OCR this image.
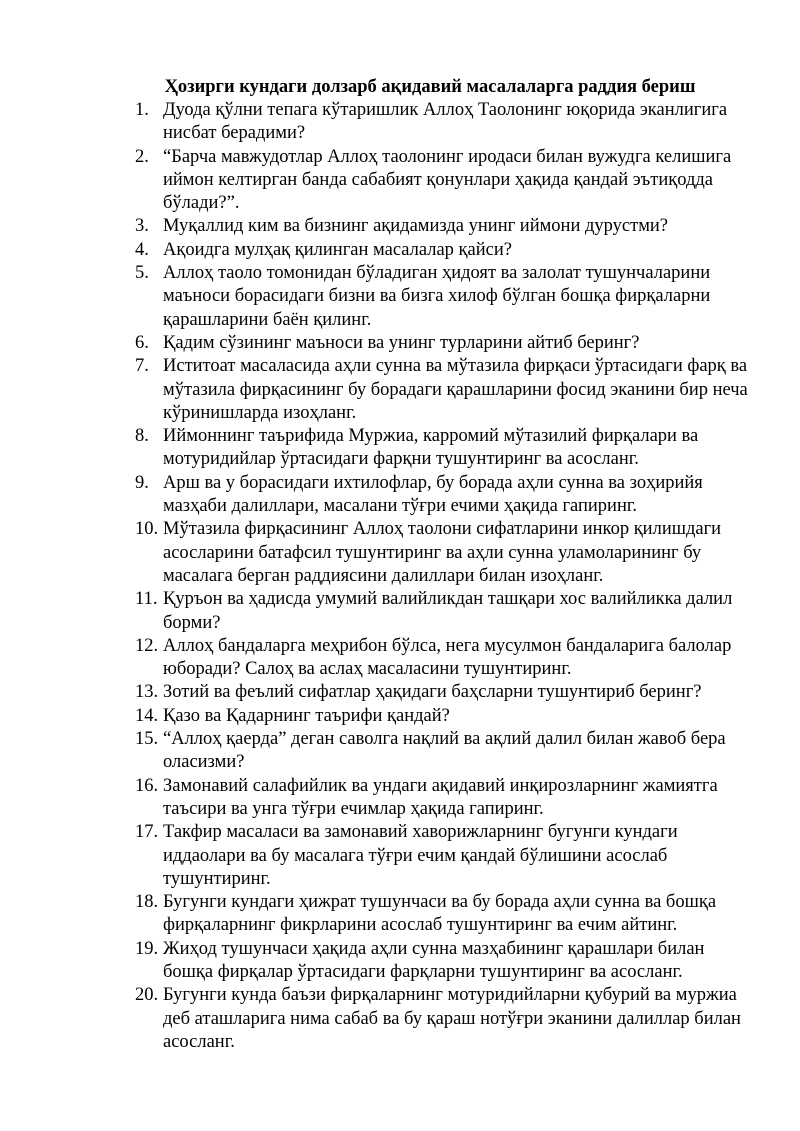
Ҳозирги кундаги долзарб ақидавий масалаларга раддия бериш
1. Дуода қўлни тепага кўтаришлик Аллоҳ Таолонинг юқорида эканлигига нисбат берадими?
2. “Барча мавжудотлар Аллоҳ таолонинг иродаси билан вужудга келишига иймон келтирган банда сабабият қонунлари ҳақида қандай эътиқодда бўлади?”.
3. Муқаллид ким ва бизнинг ақидамизда унинг иймони дурустми?
4. Ақоидга мулҳақ қилинган масалалар қайси?
5. Аллоҳ таоло томонидан бўладиган ҳидоят ва залолат тушунчаларини маъноси борасидаги бизни ва бизга хилоф бўлган бошқа фирқаларни қарашларини баён қилинг.
6. Қадим сўзининг маъноси ва унинг турларини айтиб беринг?
7. Иститоат масаласида аҳли сунна ва мўтазила фирқаси ўртасидаги фарқ ва мўтазила фирқасининг бу борадаги қарашларини фосид эканини бир неча кўринишларда изоҳланг.
8. Иймоннинг таърифида Муржиа, карромий мўтазилий фирқалари ва мотуридийлар ўртасидаги фарқни тушунтиринг ва асосланг.
9. Арш ва у борасидаги ихтилофлар, бу борада аҳли сунна ва зоҳирийя мазҳаби далиллари, масалани тўғри ечими ҳақида гапиринг.
10. Мўтазила фирқасининг Аллоҳ таолони сифатларини инкор қилишдаги асосларини батафсил тушунтиринг ва аҳли сунна уламоларининг бу масалага берган раддиясини далиллари билан изоҳланг.
11. Қуръон ва ҳадисда умумий валийликдан ташқари хос валийликка далил борми?
12. Аллоҳ бандаларга меҳрибон бўлса, нега мусулмон бандаларига балолар юборади? Салоҳ ва аслаҳ масаласини тушунтиринг.
13. Зотий ва феълий сифатлар ҳақидаги баҳсларни тушунтириб беринг?
14. Қазо ва Қадарнинг таърифи қандай?
15. “Аллоҳ қаерда” деган саволга нақлий ва ақлий далил билан жавоб бера оласизми?
16. Замонавий салафийлик ва ундаги ақидавий инқирозларнинг жамиятга таъсири ва унга тўғри ечимлар ҳақида гапиринг.
17. Такфир масаласи ва замонавий хаворижларнинг бугунги кундаги иддаолари ва бу масалага тўғри ечим қандай бўлишини асослаб тушунтиринг.
18. Бугунги кундаги ҳижрат тушунчаси ва бу борада аҳли сунна ва бошқа фирқаларнинг фикрларини асослаб тушунтиринг ва ечим айтинг.
19. Жиҳод тушунчаси ҳақида аҳли сунна мазҳабининг қарашлари билан бошқа фирқалар ўртасидаги фарқларни тушунтиринг ва асосланг.
20. Бугунги кунда баъзи фирқаларнинг мотуридийларни қубурий ва муржиа деб аташларига нима сабаб ва бу қараш нотўғри эканини далиллар билан асосланг.
